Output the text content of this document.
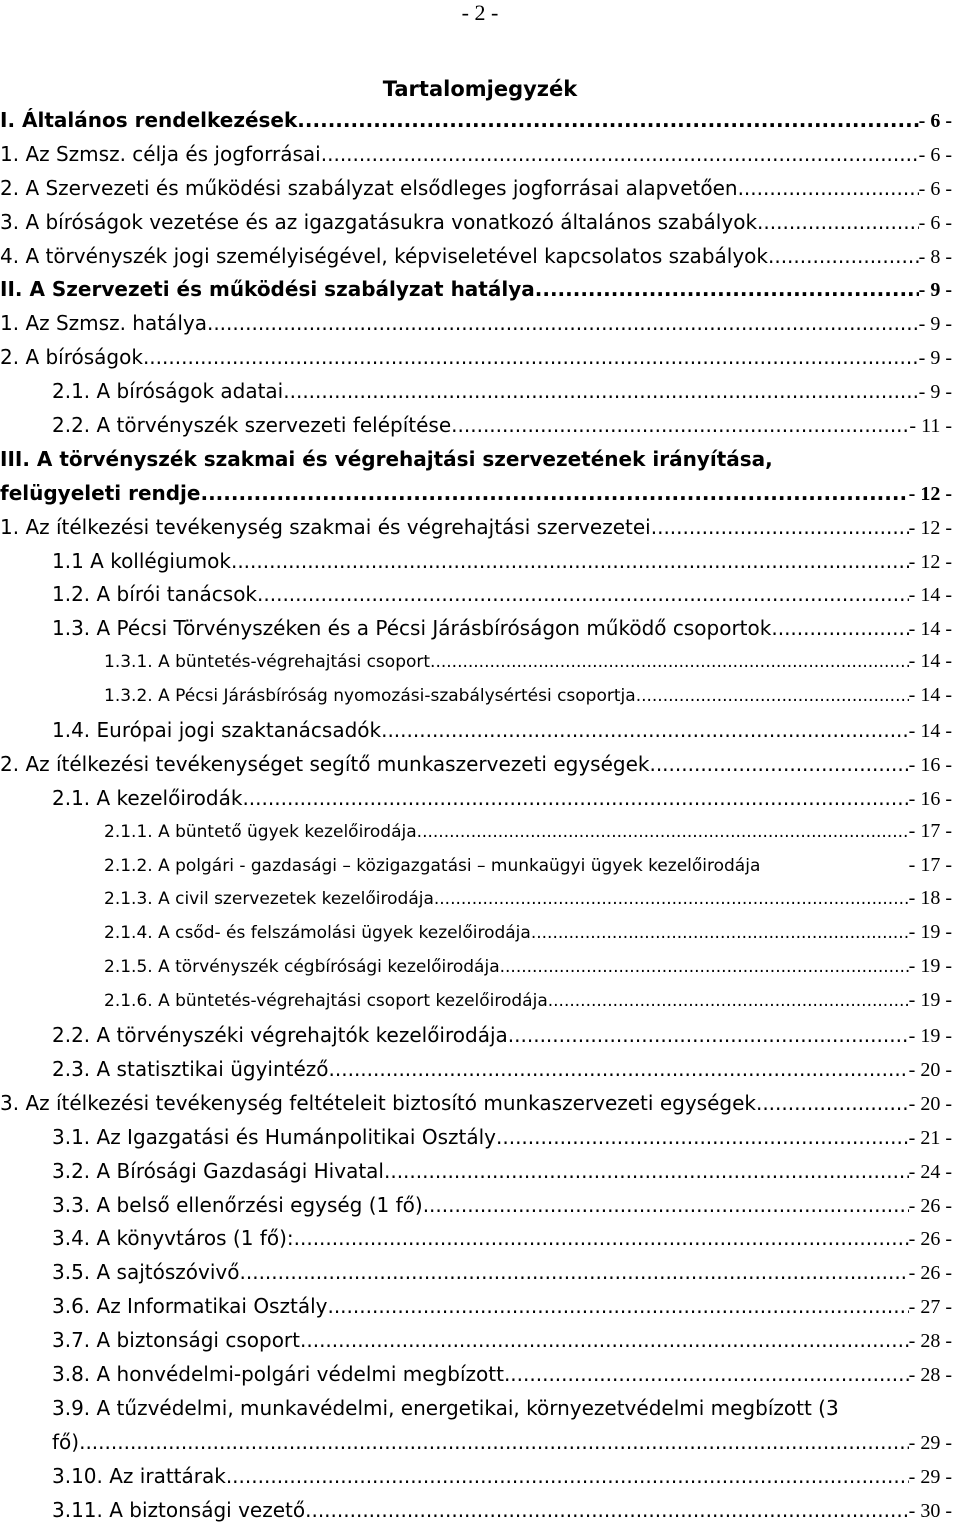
- 2 -
Tartalomjegyzék
I. Általános rendelkezések .....	- 6 -
1. Az Szmsz. célja és jogforrásai .....	- 6 -
2. A Szervezeti és működési szabályzat elsődleges jogforrásai alapvetően .....	- 6 -
3. A bíróságok vezetése és az igazgatásukra vonatkozó általános szabályok .....	- 6 -
4. A törvényszék jogi személyiségével, képviseletével kapcsolatos szabályok .....	- 8 -
II. A Szervezeti és működési szabályzat hatálya .....	- 9 -
1. Az Szmsz. hatálya .....	- 9 -
2. A bíróságok .....	- 9 -
2.1. A bíróságok adatai .....	- 9 -
2.2. A törvényszék szervezeti felépítése .....	- 11 -
III. A törvényszék szakmai és végrehajtási szervezetének irányítása,
felügyeleti rendje .....	- 12 -
1. Az ítélkezési tevékenység szakmai és végrehajtási szervezetei .....	- 12 -
1.1 A kollégiumok .....	- 12 -
1.2. A bírói tanácsok .....	- 14 -
1.3. A Pécsi Törvényszéken és a Pécsi Járásbíróságon működő csoportok .....	- 14 -
1.3.1. A büntetés-végrehajtási csoport .....	- 14 -
1.3.2. A Pécsi Járásbíróság nyomozási-szabálysértési csoportja .....	- 14 -
1.4. Európai jogi szaktanácsadók .....	- 14 -
2. Az ítélkezési tevékenységet segítő munkaszervezeti egységek .....	- 16 -
2.1. A kezelőirodák .....	- 16 -
2.1.1. A büntető ügyek kezelőirodája .....	- 17 -
2.1.2. A polgári - gazdasági – közigazgatási – munkaügyi ügyek kezelőirodája	- 17 -
2.1.3. A civil szervezetek kezelőirodája .....	- 18 -
2.1.4. A csőd- és felszámolási ügyek kezelőirodája .....	- 19 -
2.1.5. A törvényszék cégbírósági kezelőirodája .....	- 19 -
2.1.6. A büntetés-végrehajtási csoport kezelőirodája .....	- 19 -
2.2. A törvényszéki végrehajtók kezelőirodája .....	- 19 -
2.3. A statisztikai ügyintéző .....	- 20 -
3. Az ítélkezési tevékenység feltételeit biztosító munkaszervezeti egységek .....	- 20 -
3.1. Az Igazgatási és Humánpolitikai Osztály .....	- 21 -
3.2. A Bírósági Gazdasági Hivatal .....	- 24 -
3.3. A belső ellenőrzési egység (1 fő) .....	- 26 -
3.4. A könyvtáros (1 fő): .....	- 26 -
3.5. A sajtószóvivő .....	- 26 -
3.6. Az Informatikai Osztály .....	- 27 -
3.7. A biztonsági csoport .....	- 28 -
3.8. A honvédelmi-polgári védelmi megbízott .....	- 28 -
3.9. A tűzvédelmi, munkavédelmi, energetikai, környezetvédelmi megbízott (3
fő) .....	- 29 -
3.10. Az irattárak .....	- 29 -
3.11. A biztonsági vezető .....	- 30 -
